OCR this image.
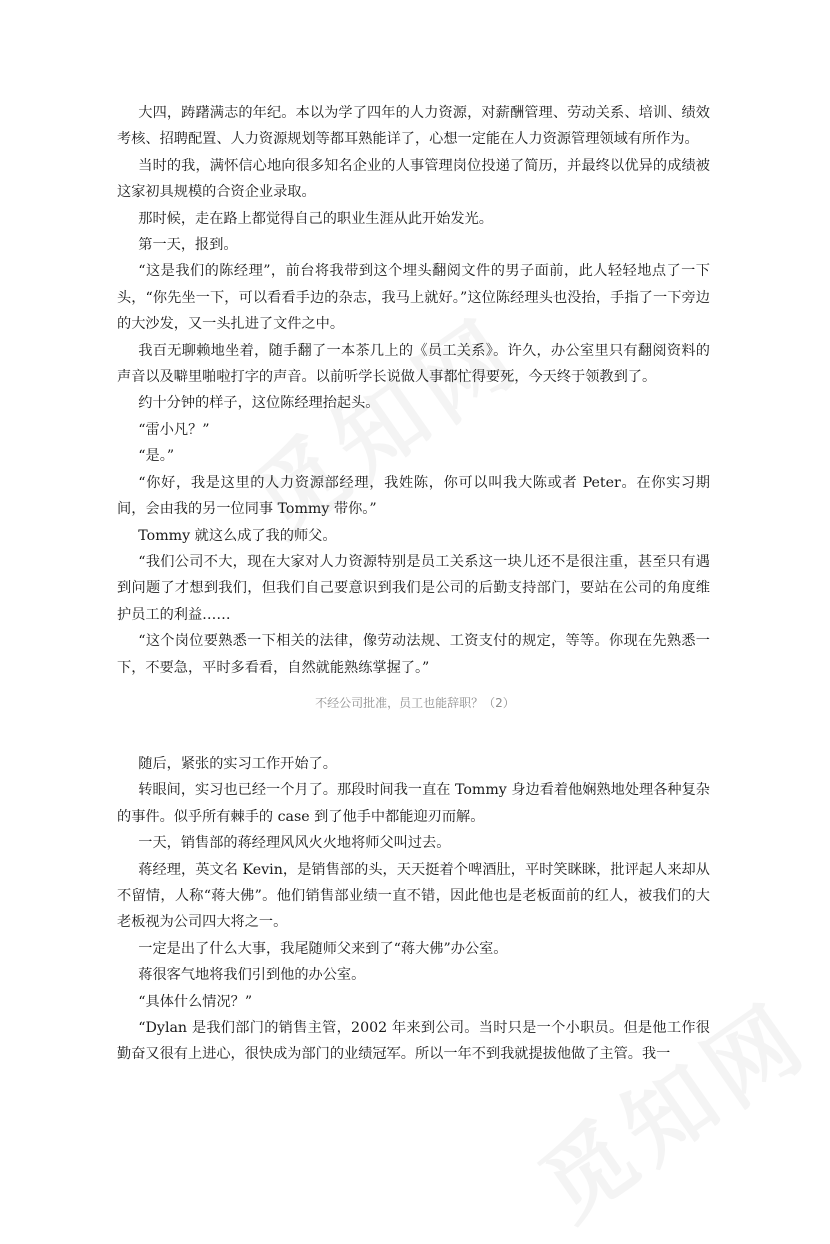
大四，踌躇满志的年纪。本以为学了四年的人力资源，对薪酬管理、劳动关系、培训、绩效考核、招聘配置、人力资源规划等都耳熟能详了，心想一定能在人力资源管理领域有所作为。

当时的我，满怀信心地向很多知名企业的人事管理岗位投递了简历，并最终以优异的成绩被这家初具规模的合资企业录取。

那时候，走在路上都觉得自己的职业生涯从此开始发光。

第一天，报到。

“这是我们的陈经理”，前台将我带到这个埋头翻阅文件的男子面前，此人轻轻地点了一下头，“你先坐一下，可以看看手边的杂志，我马上就好。”这位陈经理头也没抬，手指了一下旁边的大沙发，又一头扎进了文件之中。

我百无聊赖地坐着，随手翻了一本茶几上的《员工关系》。许久，办公室里只有翻阅资料的声音以及噼里啪啦打字的声音。以前听学长说做人事都忙得要死，今天终于领教到了。

约十分钟的样子，这位陈经理抬起头。

“雷小凡？”

“是。”

“你好，我是这里的人力资源部经理，我姓陈，你可以叫我大陈或者 Peter。在你实习期间，会由我的另一位同事 Tommy 带你。”

Tommy 就这么成了我的师父。

“我们公司不大，现在大家对人力资源特别是员工关系这一块儿还不是很注重，甚至只有遇到问题了才想到我们，但我们自己要意识到我们是公司的后勤支持部门，要站在公司的角度维护员工的利益……

“这个岗位要熟悉一下相关的法律，像劳动法规、工资支付的规定，等等。你现在先熟悉一下，不要急，平时多看看，自然就能熟练掌握了。”

不经公司批准，员工也能辞职？（2）

随后，紧张的实习工作开始了。

转眼间，实习也已经一个月了。那段时间我一直在 Tommy 身边看着他娴熟地处理各种复杂的事件。似乎所有棘手的 case 到了他手中都能迎刃而解。

一天，销售部的蒋经理风风火火地将师父叫过去。

蒋经理，英文名 Kevin，是销售部的头，天天挺着个啤酒肚，平时笑眯眯，批评起人来却从不留情，人称“蒋大佛”。他们销售部业绩一直不错，因此他也是老板面前的红人，被我们的大老板视为公司四大将之一。

一定是出了什么大事，我尾随师父来到了“蒋大佛”办公室。

蒋很客气地将我们引到他的办公室。

“具体什么情况？”

“Dylan 是我们部门的销售主管，2002 年来到公司。当时只是一个小职员。但是他工作很勤奋又很有上进心，很快成为部门的业绩冠军。所以一年不到我就提拔他做了主管。我一
